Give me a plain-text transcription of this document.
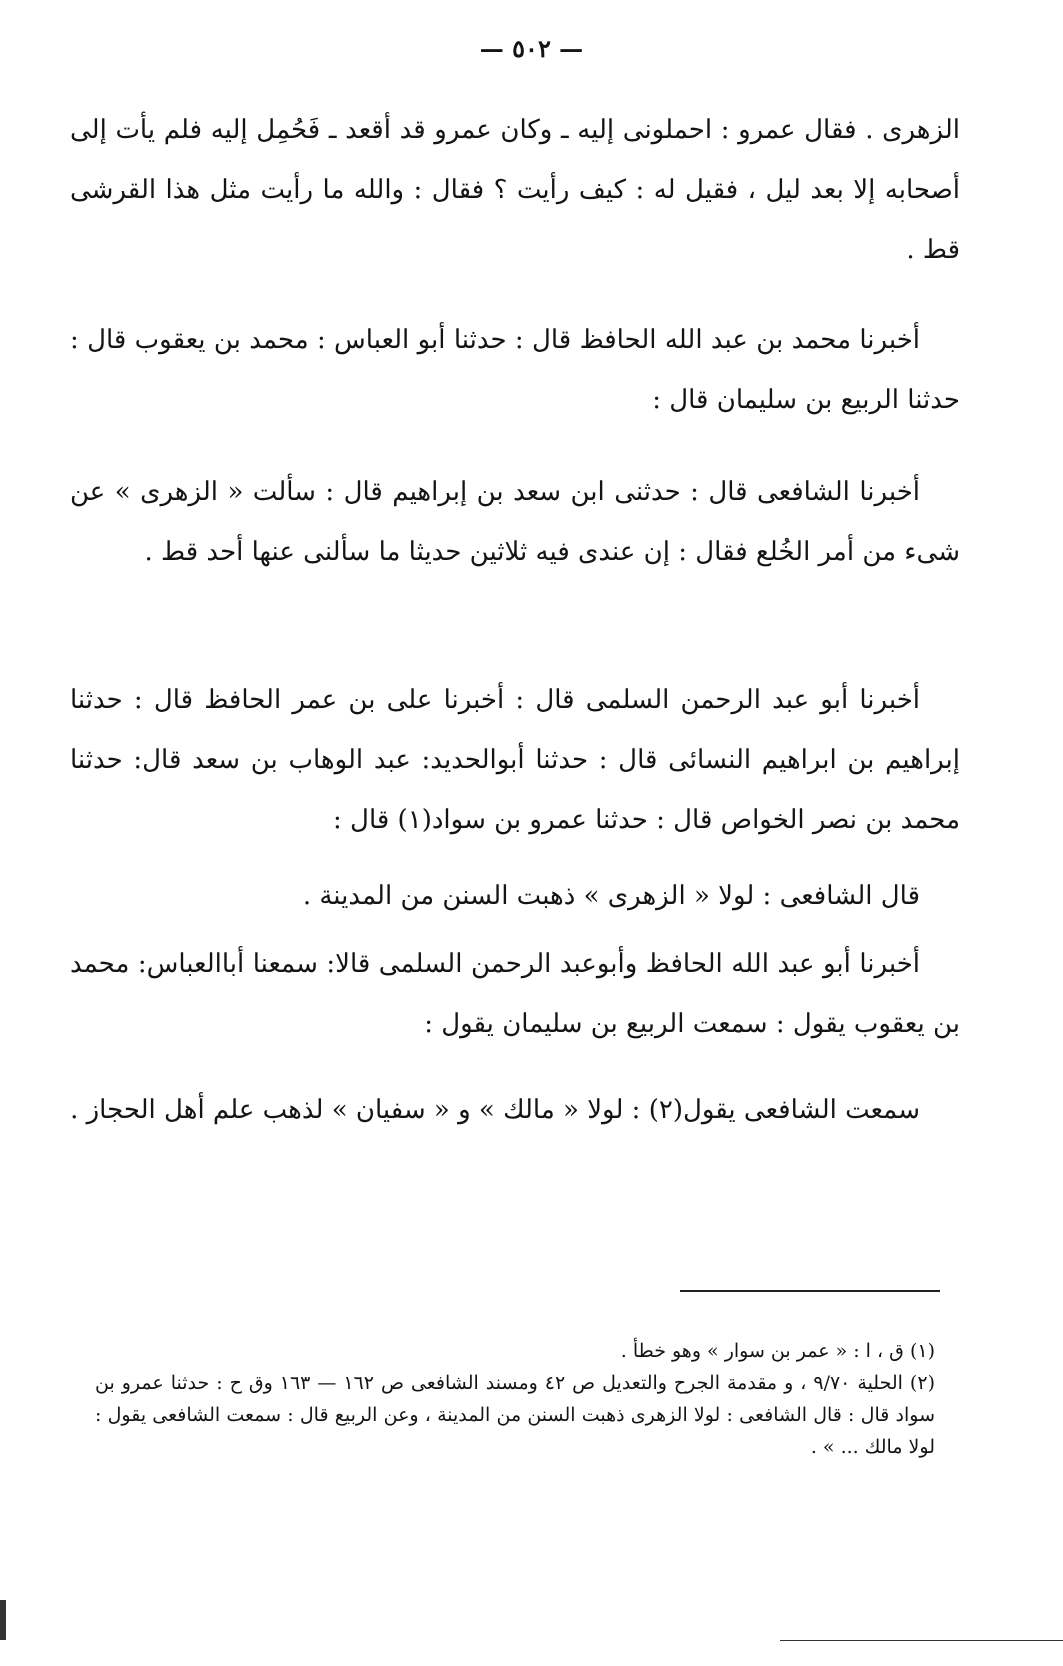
— ٥٠٢ —

الزهرى . فقال عمرو : احملونى إليه ـ وكان عمرو قد أقعد ـ فَحُمِل إليه فلم يأت إلى أصحابه إلا بعد ليل ، فقيل له : كيف رأيت ؟ فقال : والله ما رأيت مثل هذا القرشى قط .

أخبرنا محمد بن عبد الله الحافظ قال : حدثنا أبو العباس : محمد بن يعقوب قال : حدثنا الربيع بن سليمان قال :

أخبرنا الشافعى قال : حدثنى ابن سعد بن إبراهيم قال : سألت « الزهرى » عن شىء من أمر الخُلع فقال : إن عندى فيه ثلاثين حديثا ما سألنى عنها أحد قط .

أخبرنا أبو عبد الرحمن السلمى قال : أخبرنا على بن عمر الحافظ قال : حدثنا إبراهيم بن ابراهيم النسائى قال : حدثنا أبوالحديد: عبد الوهاب بن سعد قال: حدثنا محمد بن نصر الخواص قال : حدثنا عمرو بن سواد(١) قال :

قال الشافعى : لولا « الزهرى » ذهبت السنن من المدينة .

أخبرنا أبو عبد الله الحافظ وأبوعبد الرحمن السلمى قالا: سمعنا أباالعباس: محمد بن يعقوب يقول : سمعت الربيع بن سليمان يقول :

سمعت الشافعى يقول(٢) : لولا « مالك » و « سفيان » لذهب علم أهل الحجاز .

(١) ق ، ا : « عمر بن سوار » وهو خطأ .

(٢) الحلية ٩/٧٠ ، و مقدمة الجرح والتعديل ص ٤٢ ومسند الشافعى ص ١٦٢ — ١٦٣ وق ح : حدثنا عمرو بن سواد قال : قال الشافعى : لولا الزهرى ذهبت السنن من المدينة ، وعن الربيع قال : سمعت الشافعى يقول : لولا مالك ... » .
